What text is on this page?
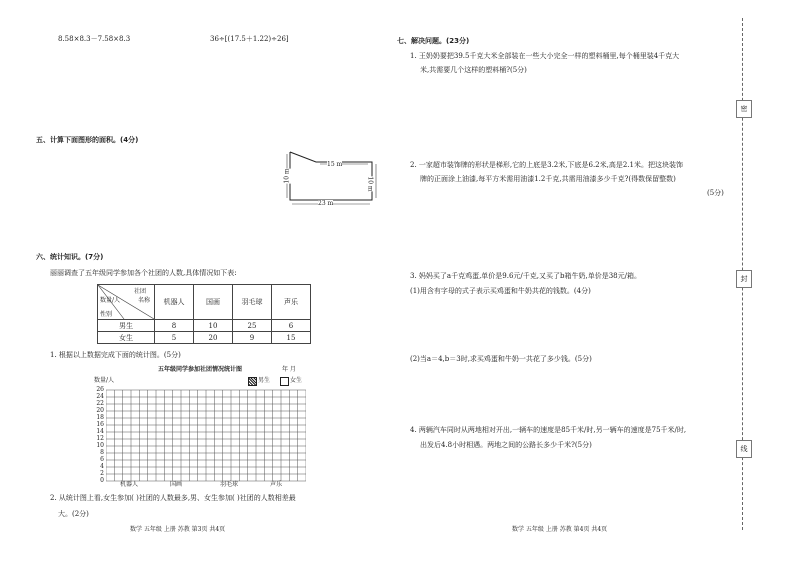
8.58×8.3－7.58×8.3	36÷[(17.5＋1.22)÷26]
五、计算下面图形的面积。(4分)
15 m
10 m
10 m
23 m
六、统计知识。(7分)
丽丽调查了五年级同学参加各个社团的人数,具体情况如下表:
社团
名称
数量/人
性别	机器人	国画	羽毛球	声乐
男生	8	10	25	6
女生	5	20	9	15
1. 根据以上数据完成下面的统计图。(5分)
五年级同学参加社团情况统计图	年 月
数量/人	男生	女生
26
24
22
20
18
16
14
12
10
8
6
4
2
0
机器人	国画	羽毛球	声乐
2. 从统计图上看,女生参加( )社团的人数最多,男、女生参加( )社团的人数相差最
大。(2分)
数学 五年级 上册 苏教 第3页 共4页
七、解决问题。(23分)
1. 王奶奶要把39.5千克大米全部装在一些大小完全一样的塑料桶里,每个桶里装4千克大
米,共需要几个这样的塑料桶?(5分)
2. 一家超市装饰牌的形状是梯形,它的上底是3.2米,下底是6.2米,高是2.1米。把这块装饰
牌的正面涂上油漆,每平方米需用油漆1.2千克,共需用油漆多少千克?(得数保留整数)
(5分)
3. 妈妈买了a千克鸡蛋,单价是9.6元/千克,又买了b箱牛奶,单价是38元/箱。
(1)用含有字母的式子表示买鸡蛋和牛奶共花的钱数。(4分)
(2)当a＝4,b＝3时,求买鸡蛋和牛奶一共花了多少钱。(5分)
4. 两辆汽车同时从两地相对开出,一辆车的速度是85千米/时,另一辆车的速度是75千米/时,
出发后4.8小时相遇。两地之间的公路长多少千米?(5分)
数学 五年级 上册 苏教 第4页 共4页
密
封
线
